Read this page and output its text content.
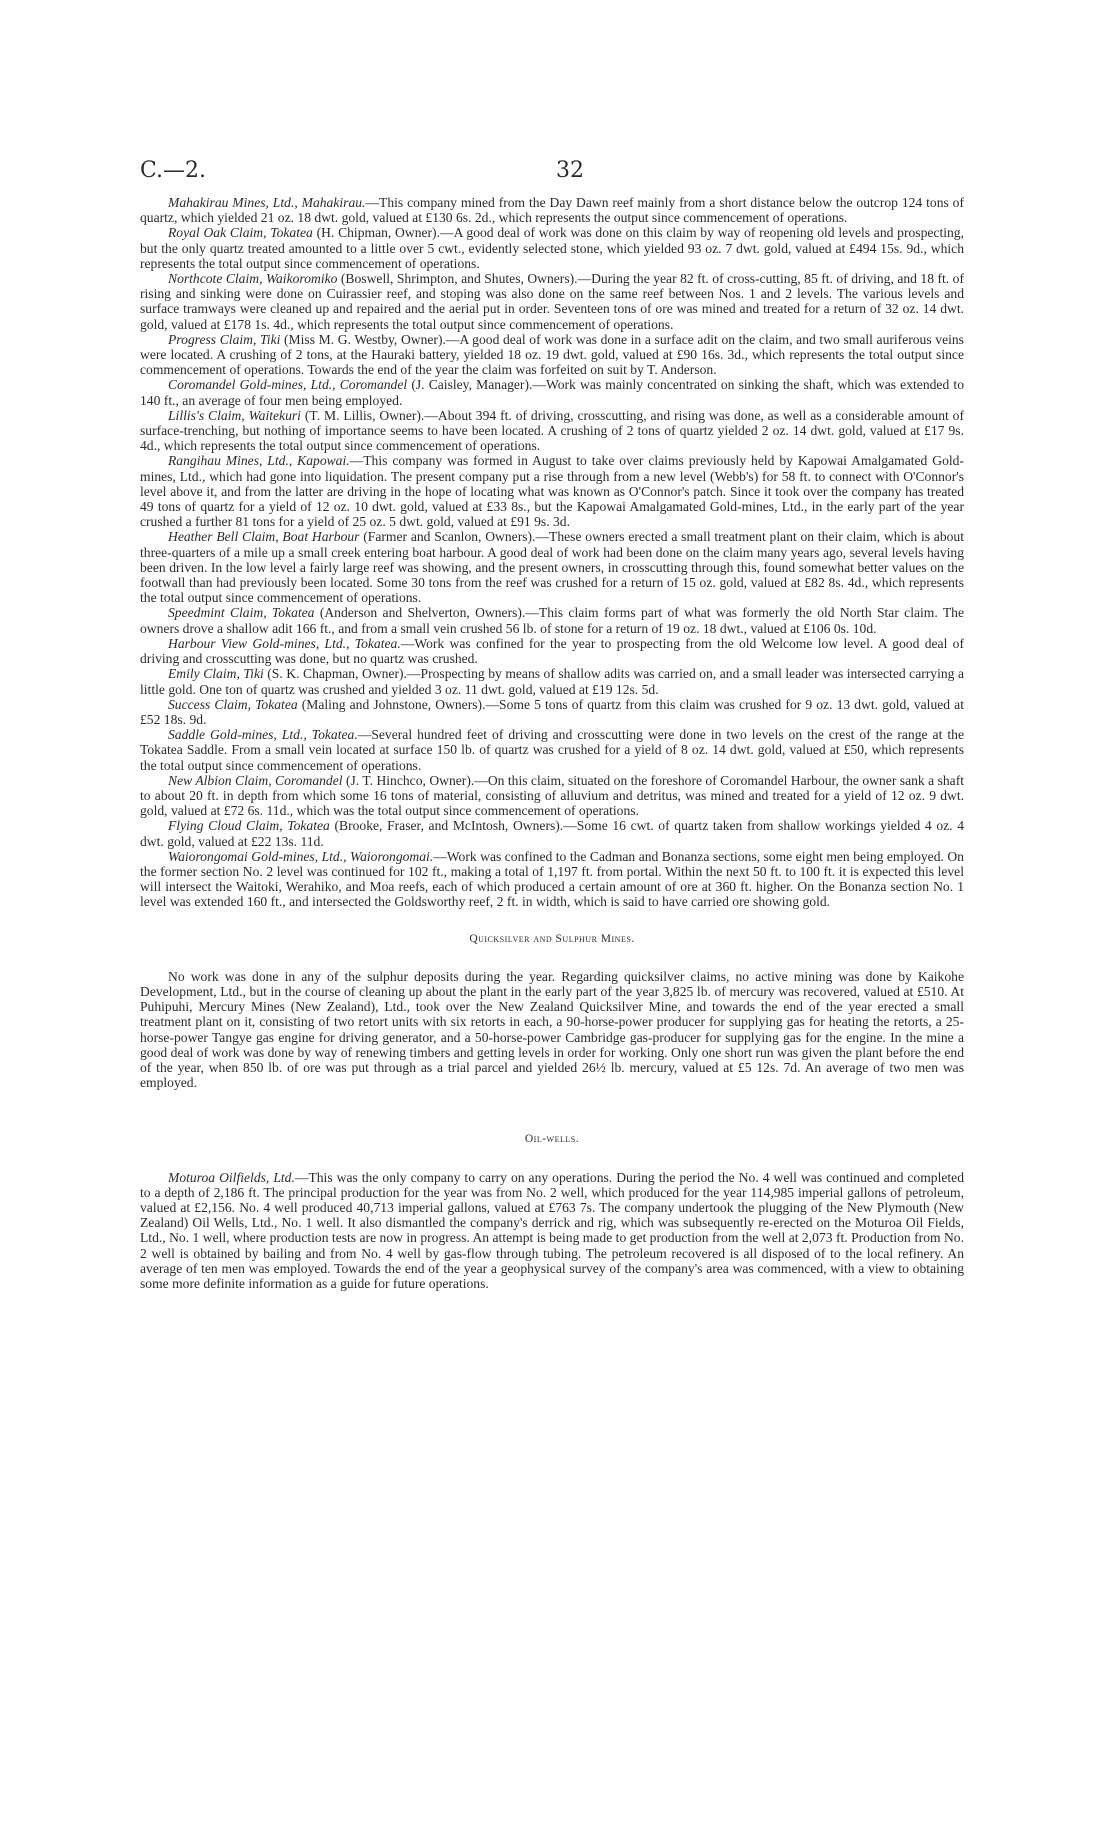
C.—2.	32

Mahakirau Mines, Ltd., Mahakirau.—This company mined from the Day Dawn reef mainly from a short distance below the outcrop 124 tons of quartz, which yielded 21 oz. 18 dwt. gold, valued at £130 6s. 2d., which represents the output since commencement of operations.

Royal Oak Claim, Tokatea (H. Chipman, Owner).—A good deal of work was done on this claim by way of reopening old levels and prospecting, but the only quartz treated amounted to a little over 5 cwt., evidently selected stone, which yielded 93 oz. 7 dwt. gold, valued at £494 15s. 9d., which represents the total output since commencement of operations.

Northcote Claim, Waikoromiko (Boswell, Shrimpton, and Shutes, Owners).—During the year 82 ft. of cross-cutting, 85 ft. of driving, and 18 ft. of rising and sinking were done on Cuirassier reef, and stoping was also done on the same reef between Nos. 1 and 2 levels. The various levels and surface tramways were cleaned up and repaired and the aerial put in order. Seventeen tons of ore was mined and treated for a return of 32 oz. 14 dwt. gold, valued at £178 1s. 4d., which represents the total output since commencement of operations.

Progress Claim, Tiki (Miss M. G. Westby, Owner).—A good deal of work was done in a surface adit on the claim, and two small auriferous veins were located. A crushing of 2 tons, at the Hauraki battery, yielded 18 oz. 19 dwt. gold, valued at £90 16s. 3d., which represents the total output since commencement of operations. Towards the end of the year the claim was forfeited on suit by T. Anderson.

Coromandel Gold-mines, Ltd., Coromandel (J. Caisley, Manager).—Work was mainly concentrated on sinking the shaft, which was extended to 140 ft., an average of four men being employed.

Lillis's Claim, Waitekuri (T. M. Lillis, Owner).—About 394 ft. of driving, crosscutting, and rising was done, as well as a considerable amount of surface-trenching, but nothing of importance seems to have been located. A crushing of 2 tons of quartz yielded 2 oz. 14 dwt. gold, valued at £17 9s. 4d., which represents the total output since commencement of operations.

Rangihau Mines, Ltd., Kapowai.—This company was formed in August to take over claims previously held by Kapowai Amalgamated Gold-mines, Ltd., which had gone into liquidation. The present company put a rise through from a new level (Webb's) for 58 ft. to connect with O'Connor's level above it, and from the latter are driving in the hope of locating what was known as O'Connor's patch. Since it took over the company has treated 49 tons of quartz for a yield of 12 oz. 10 dwt. gold, valued at £33 8s., but the Kapowai Amalgamated Gold-mines, Ltd., in the early part of the year crushed a further 81 tons for a yield of 25 oz. 5 dwt. gold, valued at £91 9s. 3d.

Heather Bell Claim, Boat Harbour (Farmer and Scanlon, Owners).—These owners erected a small treatment plant on their claim, which is about three-quarters of a mile up a small creek entering boat harbour. A good deal of work had been done on the claim many years ago, several levels having been driven. In the low level a fairly large reef was showing, and the present owners, in crosscutting through this, found somewhat better values on the footwall than had previously been located. Some 30 tons from the reef was crushed for a return of 15 oz. gold, valued at £82 8s. 4d., which represents the total output since commencement of operations.

Speedmint Claim, Tokatea (Anderson and Shelverton, Owners).—This claim forms part of what was formerly the old North Star claim. The owners drove a shallow adit 166 ft., and from a small vein crushed 56 lb. of stone for a return of 19 oz. 18 dwt., valued at £106 0s. 10d.

Harbour View Gold-mines, Ltd., Tokatea.—Work was confined for the year to prospecting from the old Welcome low level. A good deal of driving and crosscutting was done, but no quartz was crushed.

Emily Claim, Tiki (S. K. Chapman, Owner).—Prospecting by means of shallow adits was carried on, and a small leader was intersected carrying a little gold. One ton of quartz was crushed and yielded 3 oz. 11 dwt. gold, valued at £19 12s. 5d.

Success Claim, Tokatea (Maling and Johnstone, Owners).—Some 5 tons of quartz from this claim was crushed for 9 oz. 13 dwt. gold, valued at £52 18s. 9d.

Saddle Gold-mines, Ltd., Tokatea.—Several hundred feet of driving and crosscutting were done in two levels on the crest of the range at the Tokatea Saddle. From a small vein located at surface 150 lb. of quartz was crushed for a yield of 8 oz. 14 dwt. gold, valued at £50, which represents the total output since commencement of operations.

New Albion Claim, Coromandel (J. T. Hinchco, Owner).—On this claim, situated on the foreshore of Coromandel Harbour, the owner sank a shaft to about 20 ft. in depth from which some 16 tons of material, consisting of alluvium and detritus, was mined and treated for a yield of 12 oz. 9 dwt. gold, valued at £72 6s. 11d., which was the total output since commencement of operations.

Flying Cloud Claim, Tokatea (Brooke, Fraser, and McIntosh, Owners).—Some 16 cwt. of quartz taken from shallow workings yielded 4 oz. 4 dwt. gold, valued at £22 13s. 11d.

Waiorongomai Gold-mines, Ltd., Waiorongomai.—Work was confined to the Cadman and Bonanza sections, some eight men being employed. On the former section No. 2 level was continued for 102 ft., making a total of 1,197 ft. from portal. Within the next 50 ft. to 100 ft. it is expected this level will intersect the Waitoki, Werahiko, and Moa reefs, each of which produced a certain amount of ore at 360 ft. higher. On the Bonanza section No. 1 level was extended 160 ft., and intersected the Goldsworthy reef, 2 ft. in width, which is said to have carried ore showing gold.

Quicksilver and Sulphur Mines.

No work was done in any of the sulphur deposits during the year. Regarding quicksilver claims, no active mining was done by Kaikohe Development, Ltd., but in the course of cleaning up about the plant in the early part of the year 3,825 lb. of mercury was recovered, valued at £510. At Puhipuhi, Mercury Mines (New Zealand), Ltd., took over the New Zealand Quicksilver Mine, and towards the end of the year erected a small treatment plant on it, consisting of two retort units with six retorts in each, a 90-horse-power producer for supplying gas for heating the retorts, a 25-horse-power Tangye gas engine for driving generator, and a 50-horse-power Cambridge gas-producer for supplying gas for the engine. In the mine a good deal of work was done by way of renewing timbers and getting levels in order for working. Only one short run was given the plant before the end of the year, when 850 lb. of ore was put through as a trial parcel and yielded 26½ lb. mercury, valued at £5 12s. 7d. An average of two men was employed.

Oil-wells.

Moturoa Oilfields, Ltd.—This was the only company to carry on any operations. During the period the No. 4 well was continued and completed to a depth of 2,186 ft. The principal production for the year was from No. 2 well, which produced for the year 114,985 imperial gallons of petroleum, valued at £2,156. No. 4 well produced 40,713 imperial gallons, valued at £763 7s. The company undertook the plugging of the New Plymouth (New Zealand) Oil Wells, Ltd., No. 1 well. It also dismantled the company's derrick and rig, which was subsequently re-erected on the Moturoa Oil Fields, Ltd., No. 1 well, where production tests are now in progress. An attempt is being made to get production from the well at 2,073 ft. Production from No. 2 well is obtained by bailing and from No. 4 well by gas-flow through tubing. The petroleum recovered is all disposed of to the local refinery. An average of ten men was employed. Towards the end of the year a geophysical survey of the company's area was commenced, with a view to obtaining some more definite information as a guide for future operations.
